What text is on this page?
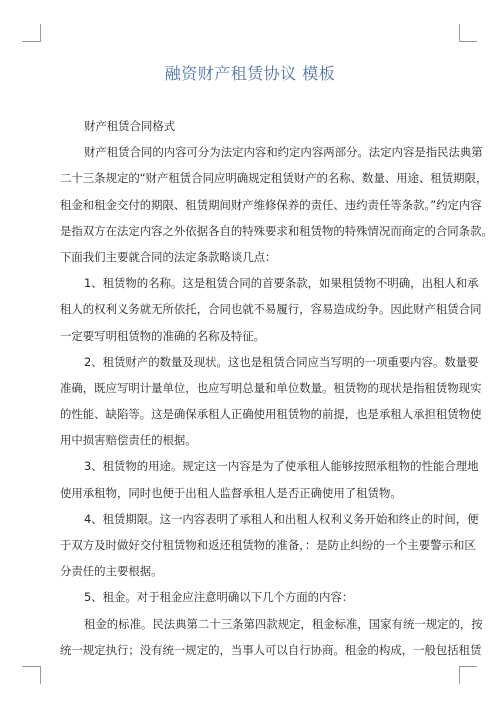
融资财产租赁协议 模板
财产租赁合同格式
财产租赁合同的内容可分为法定内容和约定内容两部分。法定内容是指民法典第
二十三条规定的“财产租赁合同应明确规定租赁财产的名称、数量、用途、租赁期限，
租金和租金交付的期限、租赁期间财产维修保养的责任、违约责任等条款。”约定内容
是指双方在法定内容之外依据各自的特殊要求和租赁物的特殊情况而商定的合同条款。
下面我们主要就合同的法定条款略谈几点：
1、租赁物的名称。这是租赁合同的首要条款，如果租赁物不明确，出租人和承
租人的权利义务就无所依托，合同也就不易履行，容易造成纷争。因此财产租赁合同
一定要写明租赁物的准确的名称及特征。
2、租赁财产的数量及现状。这也是租赁合同应当写明的一项重要内容。数量要
准确，既应写明计量单位，也应写明总量和单位数量。租赁物的现状是指租赁物现实
的性能、缺陷等。这是确保承租人正确使用租赁物的前提，也是承租人承担租赁物使
用中损害赔偿责任的根据。
3、租赁物的用途。规定这一内容是为了使承租人能够按照承租物的性能合理地
使用承租物，同时也便于出租人监督承租人是否正确使用了租赁物。
4、租赁期限。这一内容表明了承租人和出租人权利义务开始和终止的时间，便
于双方及时做好交付租赁物和返还租赁物的准备，：是防止纠纷的一个主要警示和区
分责任的主要根据。
5、租金。对于租金应注意明确以下几个方面的内容：
租金的标准。民法典第二十三条第四款规定，租金标准，国家有统一规定的，按
统一规定执行；没有统一规定的，当事人可以自行协商。租金的构成，一般包括租赁
